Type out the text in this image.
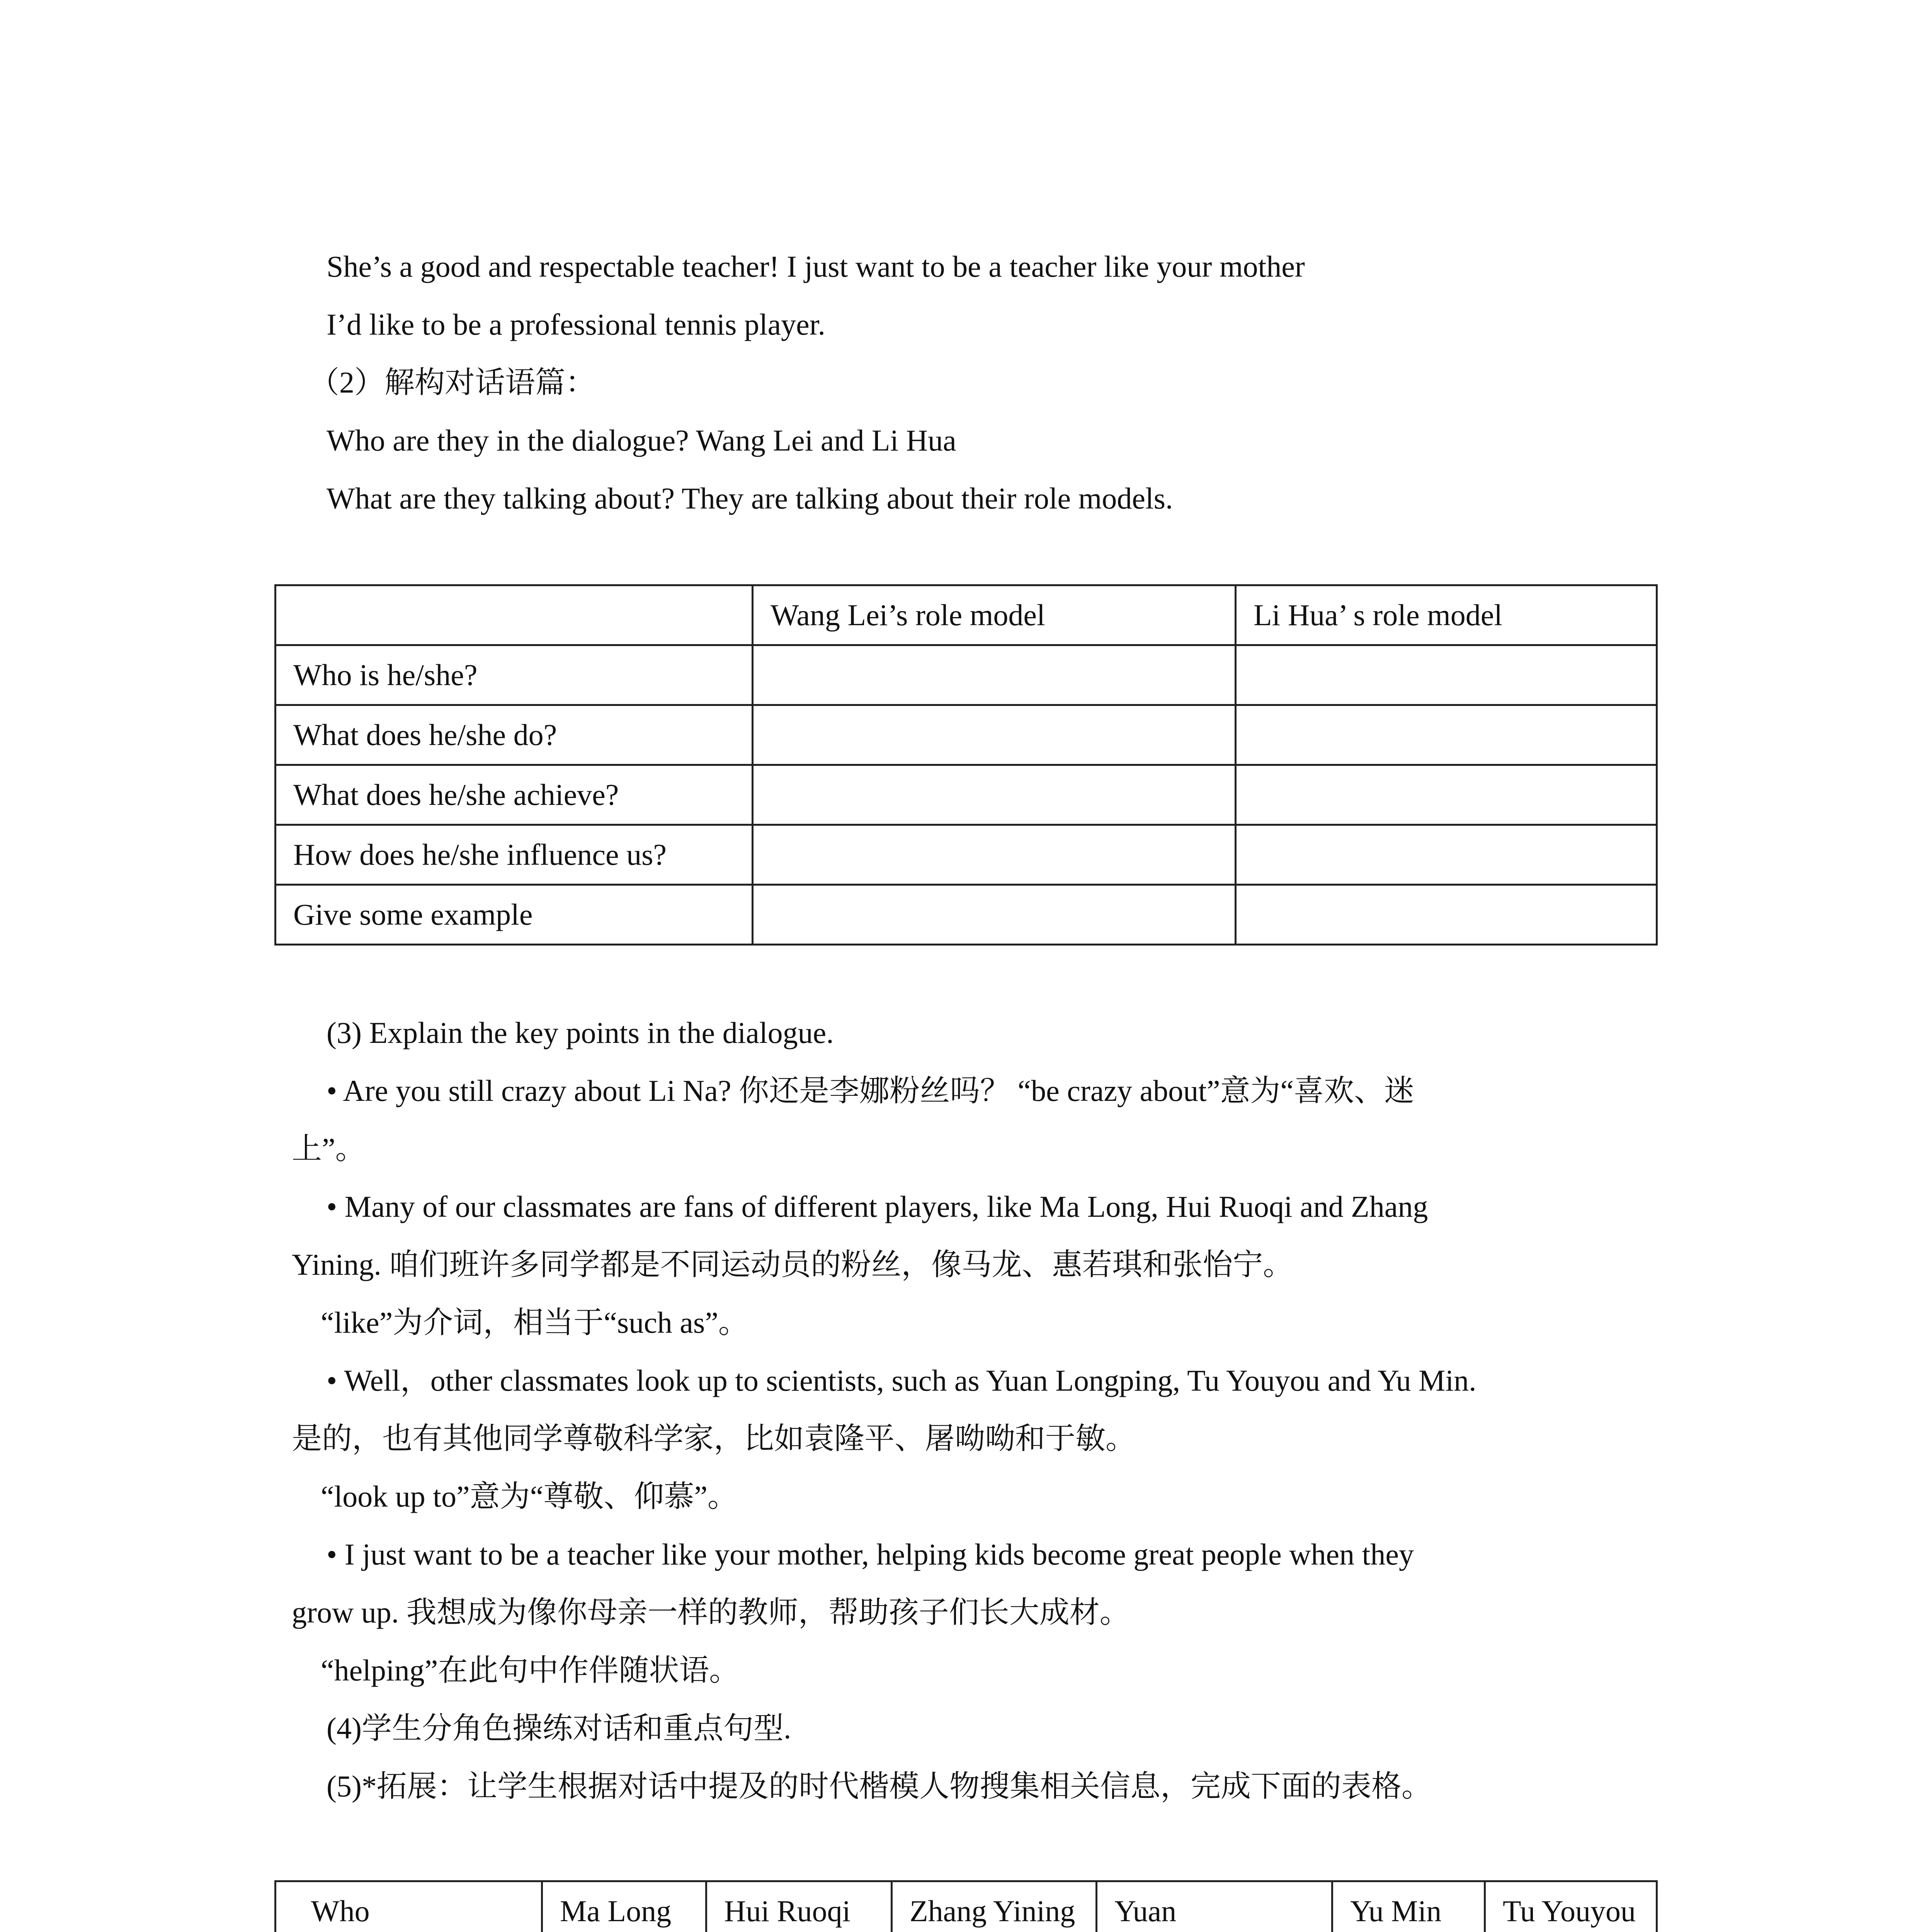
She’s a good and respectable teacher! I just want to be a teacher like your mother
I’d like to be a professional tennis player.
（2）解构对话语篇：
Who are they in the dialogue? Wang Lei and Li Hua
What are they talking about? They are talking about their role models.
	Wang Lei’s role model	Li Hua’ s role model
Who is he/she?		
What does he/she do?		
What does he/she achieve?		
How does he/she influence us?		
Give some example		
(3) Explain the key points in the dialogue.
• Are you still crazy about Li Na? 你还是李娜粉丝吗？ “be crazy about”意为“喜欢、迷
上”。
• Many of our classmates are fans of different players, like Ma Long, Hui Ruoqi and Zhang
Yining. 咱们班许多同学都是不同运动员的粉丝，像马龙、惠若琪和张怡宁。
“like”为介词，相当于“such as”。
• Well，other classmates look up to scientists, such as Yuan Longping, Tu Youyou and Yu Min.
是的，也有其他同学尊敬科学家，比如袁隆平、屠呦呦和于敏。
“look up to”意为“尊敬、仰慕”。
• I just want to be a teacher like your mother, helping kids become great people when they
grow up. 我想成为像你母亲一样的教师，帮助孩子们长大成材。
“helping”在此句中作伴随状语。
(4)学生分角色操练对话和重点句型.
(5)*拓展：让学生根据对话中提及的时代楷模人物搜集相关信息，完成下面的表格。
Who	Ma Long	Hui Ruoqi	Zhang Yining	Yuan	Yu Min	Tu Youyou
